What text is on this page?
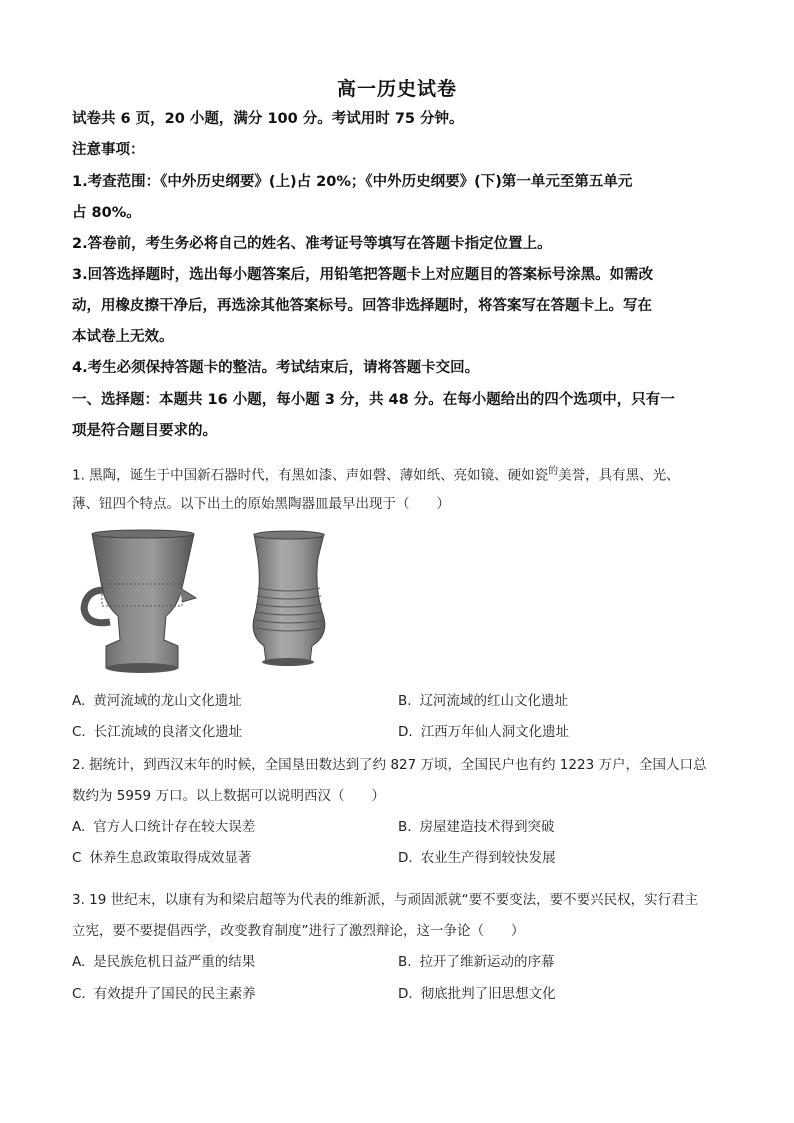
高一历史试卷
试卷共 6 页，20 小题，满分 100 分。考试用时 75 分钟。
注意事项：
1.考查范围：《中外历史纲要》(上)占 20%；《中外历史纲要》(下)第一单元至第五单元
占 80%。
2.答卷前，考生务必将自己的姓名、准考证号等填写在答题卡指定位置上。
3.回答选择题时，选出每小题答案后，用铅笔把答题卡上对应题目的答案标号涂黑。如需改
动，用橡皮擦干净后，再选涂其他答案标号。回答非选择题时，将答案写在答题卡上。写在
本试卷上无效。
4.考生必须保持答题卡的整洁。考试结束后，请将答题卡交回。
一、选择题：本题共 16 小题，每小题 3 分，共 48 分。在每小题给出的四个选项中，只有一
项是符合题目要求的。
1. 黑陶，诞生于中国新石器时代，有黑如漆、声如磬、薄如纸、亮如镜、硬如瓷$^的$美誉，具有黑、光、
薄、钮四个特点。以下出土的原始黑陶器皿最早出现于（　　）
A. 黄河流域的龙山文化遗址	B. 辽河流域的红山文化遗址
C. 长江流域的良渚文化遗址	D. 江西万年仙人洞文化遗址
2. 据统计，到西汉末年的时候，全国垦田数达到了约 827 万顷，全国民户也有约 1223 万户，全国人口总
数约为 5959 万口。以上数据可以说明西汉（　　）
A. 官方人口统计存在较大误差	B. 房屋建造技术得到突破
C 休养生息政策取得成效显著	D. 农业生产得到较快发展
3. 19 世纪末，以康有为和梁启超等为代表的维新派，与顽固派就“要不要变法，要不要兴民权，实行君主
立宪，要不要提倡西学，改变教育制度”进行了激烈辩论，这一争论（　　）
A. 是民族危机日益严重的结果	B. 拉开了维新运动的序幕
C. 有效提升了国民的民主素养	D. 彻底批判了旧思想文化
